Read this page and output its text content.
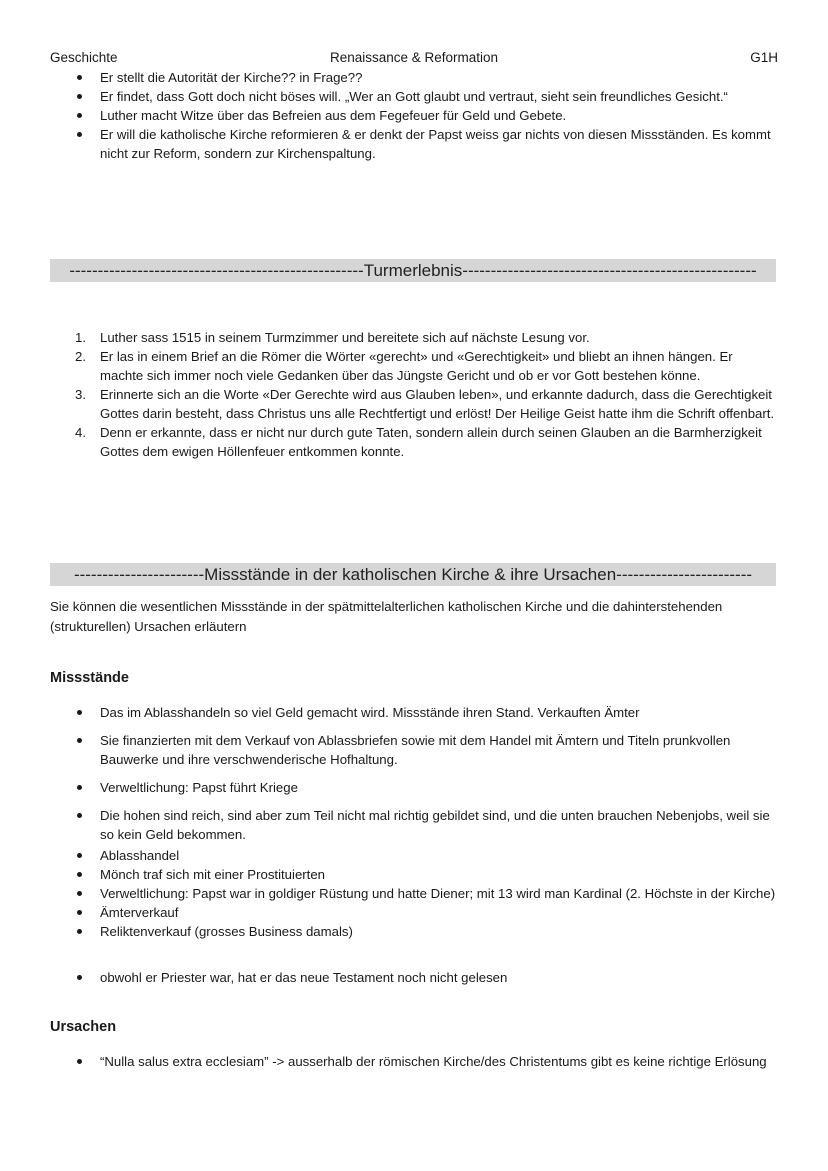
Geschichte	Renaissance & Reformation	G1H
Er stellt die Autorität der Kirche?? in Frage??
Er findet, dass Gott doch nicht böses will. „Wer an Gott glaubt und vertraut, sieht sein freundliches Gesicht.“
Luther macht Witze über das Befreien aus dem Fegefeuer für Geld und Gebete.
Er will die katholische Kirche reformieren & er denkt der Papst weiss gar nichts von diesen Missständen. Es kommt nicht zur Reform, sondern zur Kirchenspaltung.
----------------------------------------------------Turmerlebnis----------------------------------------------------
1. Luther sass 1515 in seinem Turmzimmer und bereitete sich auf nächste Lesung vor.
2. Er las in einem Brief an die Römer die Wörter «gerecht» und «Gerechtigkeit» und bliebt an ihnen hängen. Er machte sich immer noch viele Gedanken über das Jüngste Gericht und ob er vor Gott bestehen könne.
3. Erinnerte sich an die Worte «Der Gerechte wird aus Glauben leben», und erkannte dadurch, dass die Gerechtigkeit Gottes darin besteht, dass Christus uns alle Rechtfertigt und erlöst! Der Heilige Geist hatte ihm die Schrift offenbart.
4. Denn er erkannte, dass er nicht nur durch gute Taten, sondern allein durch seinen Glauben an die Barmherzigkeit Gottes dem ewigen Höllenfeuer entkommen konnte.
-----------------------Missstände in der katholischen Kirche & ihre Ursachen------------------------
Sie können die wesentlichen Missstände in der spätmittelalterlichen katholischen Kirche und die dahinterstehenden (strukturellen) Ursachen erläutern
Missstände
Das im Ablasshandeln so viel Geld gemacht wird. Missstände ihren Stand. Verkauften Ämter
Sie finanzierten mit dem Verkauf von Ablassbriefen sowie mit dem Handel mit Ämtern und Titeln prunkvollen Bauwerke und ihre verschwenderische Hofhaltung.
Verweltlichung: Papst führt Kriege
Die hohen sind reich, sind aber zum Teil nicht mal richtig gebildet sind, und die unten brauchen Nebenjobs, weil sie so kein Geld bekommen.
Ablasshandel
Mönch traf sich mit einer Prostituierten
Verweltlichung: Papst war in goldiger Rüstung und hatte Diener; mit 13 wird man Kardinal (2. Höchste in der Kirche)
Ämterverkauf
Reliktenverkauf (grosses Business damals)
obwohl er Priester war, hat er das neue Testament noch nicht gelesen
Ursachen
“Nulla salus extra ecclesiam” -> ausserhalb der römischen Kirche/des Christentums gibt es keine richtige Erlösung
